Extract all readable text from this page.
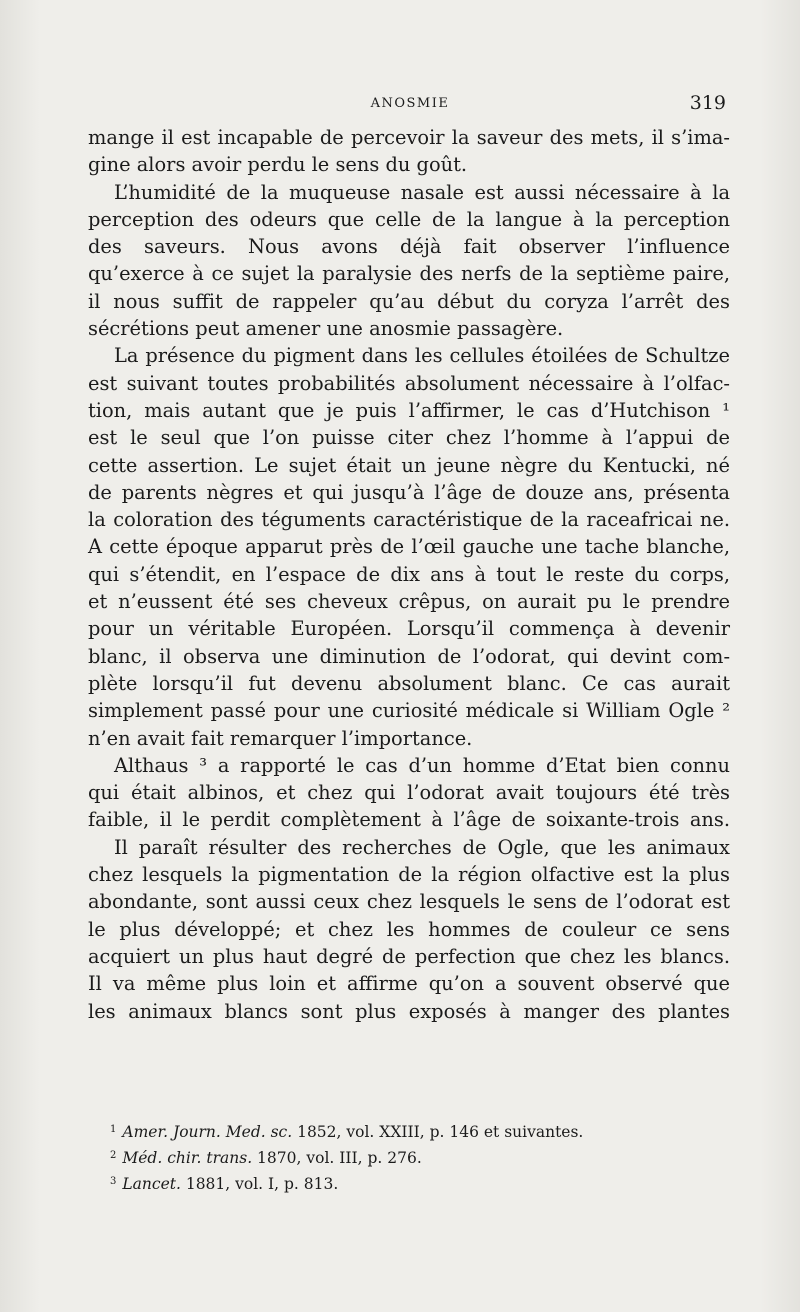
ANOSMIE	319
mange il est incapable de percevoir la saveur des mets, il s’ima-
gine alors avoir perdu le sens du goût.
L’humidité de la muqueuse nasale est aussi nécessaire à la
perception des odeurs que celle de la langue à la perception
des saveurs. Nous avons déjà fait observer l’influence
qu’exerce à ce sujet la paralysie des nerfs de la septième paire,
il nous suffit de rappeler qu’au début du coryza l’arrêt des
sécrétions peut amener une anosmie passagère.
La présence du pigment dans les cellules étoilées de Schultze
est suivant toutes probabilités absolument nécessaire à l’olfac-
tion, mais autant que je puis l’affirmer, le cas d’Hutchison ¹
est le seul que l’on puisse citer chez l’homme à l’appui de
cette assertion. Le sujet était un jeune nègre du Kentucki, né
de parents nègres et qui jusqu’à l’âge de douze ans, présenta
la coloration des téguments caractéristique de la raceafricai ne.
A cette époque apparut près de l’œil gauche une tache blanche,
qui s’étendit, en l’espace de dix ans à tout le reste du corps,
et n’eussent été ses cheveux crêpus, on aurait pu le prendre
pour un véritable Européen. Lorsqu’il commença à devenir
blanc, il observa une diminution de l’odorat, qui devint com-
plète lorsqu’il fut devenu absolument blanc. Ce cas aurait
simplement passé pour une curiosité médicale si William Ogle ²
n’en avait fait remarquer l’importance.
Althaus ³ a rapporté le cas d’un homme d’Etat bien connu
qui était albinos, et chez qui l’odorat avait toujours été très
faible, il le perdit complètement à l’âge de soixante-trois ans.
Il paraît résulter des recherches de Ogle, que les animaux
chez lesquels la pigmentation de la région olfactive est la plus
abondante, sont aussi ceux chez lesquels le sens de l’odorat est
le plus développé; et chez les hommes de couleur ce sens
acquiert un plus haut degré de perfection que chez les blancs.
Il va même plus loin et affirme qu’on a souvent observé que
les animaux blancs sont plus exposés à manger des plantes
$^1$ Amer. Journ. Med. sc. 1852, vol. XXIII, p. 146 et suivantes.
$^2$ Méd. chir. trans. 1870, vol. III, p. 276.
$^3$ Lancet. 1881, vol. I, p. 813.
